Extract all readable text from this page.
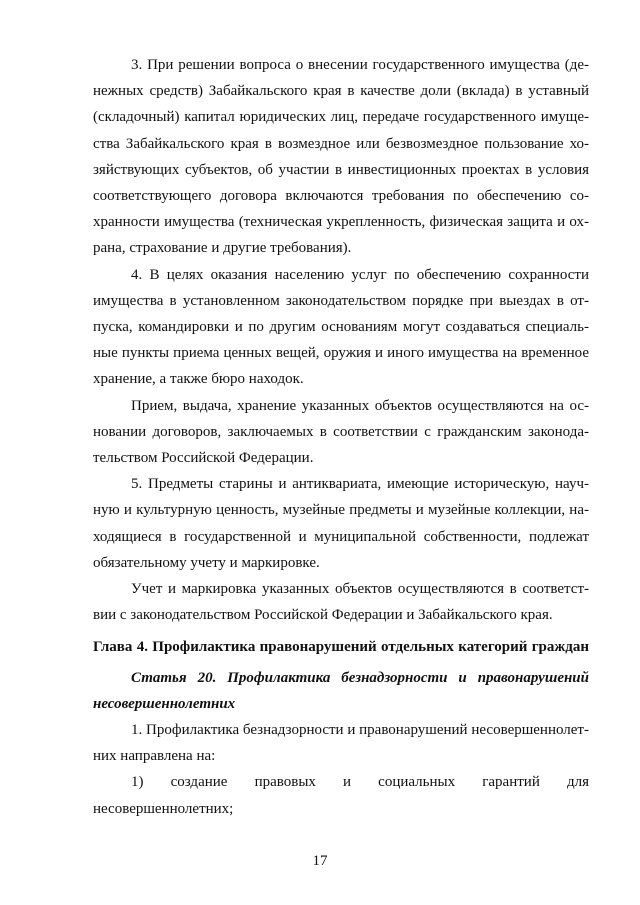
3. При решении вопроса о внесении государственного имущества (денежных средств) Забайкальского края в качестве доли (вклада) в уставный (складочный) капитал юридических лиц, передаче государственного имущества Забайкальского края в возмездное или безвозмездное пользование хозяйствующих субъектов, об участии в инвестиционных проектах в условия соответствующего договора включаются требования по обеспечению сохранности имущества (техническая укрепленность, физическая защита и охрана, страхование и другие требования).

4. В целях оказания населению услуг по обеспечению сохранности имущества в установленном законодательством порядке при выездах в отпуска, командировки и по другим основаниям могут создаваться специальные пункты приема ценных вещей, оружия и иного имущества на временное хранение, а также бюро находок.

Прием, выдача, хранение указанных объектов осуществляются на основании договоров, заключаемых в соответствии с гражданским законодательством Российской Федерации.

5. Предметы старины и антиквариата, имеющие историческую, научную и культурную ценность, музейные предметы и музейные коллекции, находящиеся в государственной и муниципальной собственности, подлежат обязательному учету и маркировке.

Учет и маркировка указанных объектов осуществляются в соответствии с законодательством Российской Федерации и Забайкальского края.

Глава 4. Профилактика правонарушений отдельных категорий граждан

Статья 20. Профилактика безнадзорности и правонарушений несовершеннолетних

1. Профилактика безнадзорности и правонарушений несовершеннолетних направлена на:

1) создание правовых и социальных гарантий для несовершеннолетних;

17
